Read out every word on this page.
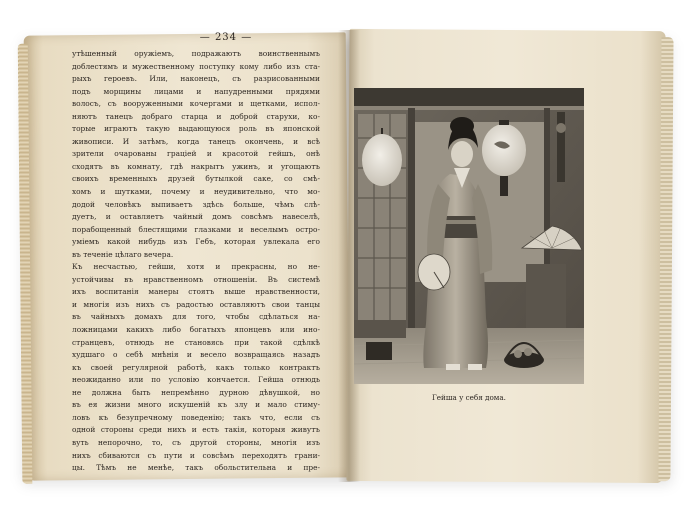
— 234 —
утѣшенный оружіемъ, подражаютъ воинственнымъ
доблестямъ и мужественному поступку кому либо изъ ста-
рыхъ героевъ. Или, наконецъ, съ разрисованными
подъ морщины лицами и напудренными прядями
волосъ, съ вооруженными кочергами и щетками, испол-
няютъ танецъ добраго старца и доброй старухи, ко-
торые играютъ такую выдающуюся роль въ японской
живописи. И затѣмъ, когда танецъ окончень, и всѣ
зрители очарованы грацiей и красотой гейшъ, онѣ
сходятъ въ комнату, гдѣ накрытъ ужинъ, и угощаютъ
своихъ временныхъ друзей бутылкой саке, со смѣ-
хомъ и шутками, почему и неудивительно, что мо-
додой человѣкъ выпиваетъ здѣсь больше, чѣмъ слѣ-
дуетъ, и оставляетъ чайный домъ совсѣмъ навеселѣ,
порабощенный блестящими глазками и веселымъ остро-
уміемъ какой нибудь изъ Гебъ, которая увлекала его
въ теченіе цѣлаго вечера.
Къ несчастью, гейши, хотя и прекрасны, но не-
устойчивы въ нравственномъ отношеніи. Въ системѣ
ихъ воспитанія манеры стоятъ выше нравственности,
и многія изъ нихъ съ радостью оставляютъ свои танцы
въ чайныхъ домахъ для того, чтобы сдѣлаться на-
ложницами какихъ либо богатыхъ японцевъ или ино-
странцевъ, отнюдь не становясь при такой сдѣлкѣ
худшаго о себѣ мнѣнія и весело возвращаясь назадъ
къ своей регулярной работѣ, какъ только контрактъ
неожиданно или по условію кончается. Гейша отнюдь
не должна быть непремѣнно дурною дѣвушкой, но
въ ея жизни много искушеній къ злу и мало стиму-
ловъ къ безупречному поведенію; такъ что, если съ
одной стороны среди нихъ и есть такія, которыя живутъ
вуть непорочно, то, съ другой стороны, многія изъ
нихъ сбиваются съ пути и совсѣмъ переходятъ грани-
цы. Тѣмъ не менѣе, такъ обольстительна и пре-
Гейша у себя дома.
